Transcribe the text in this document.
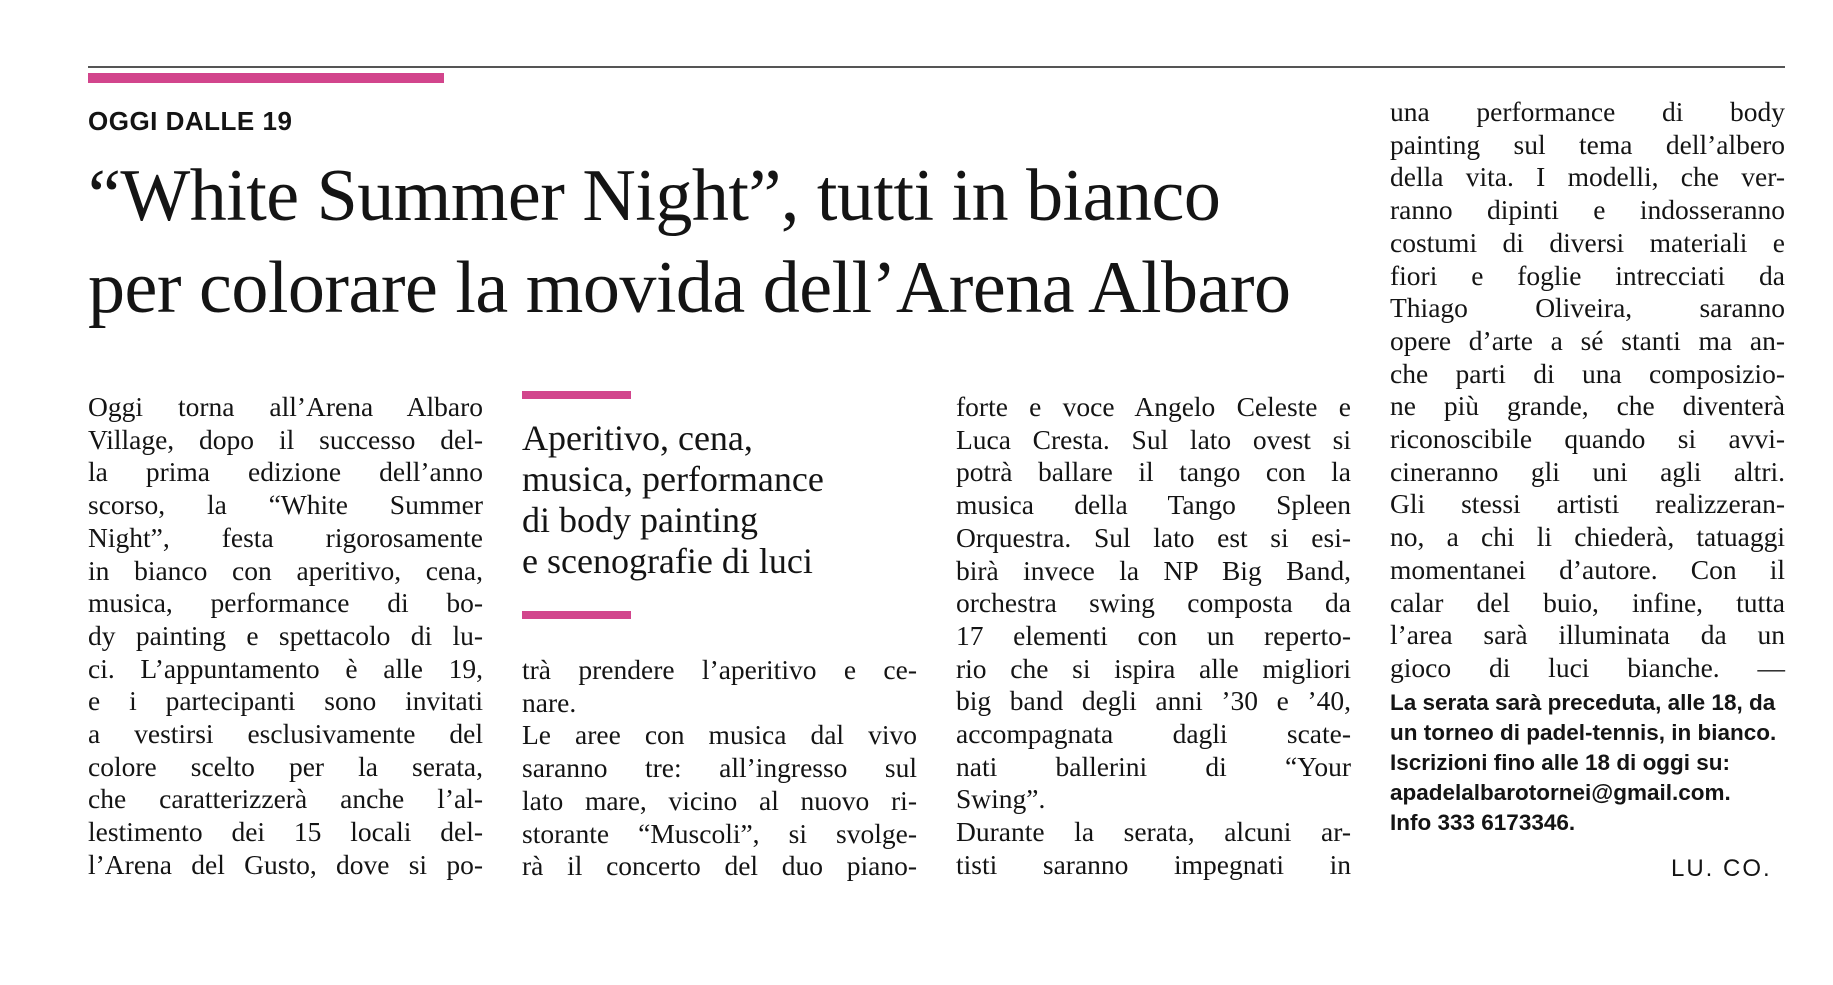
OGGI DALLE 19
“White Summer Night”, tutti in bianco
per colorare la movida dell’Arena Albaro
Oggi torna all’Arena Albaro
Village, dopo il successo del-
la prima edizione dell’anno
scorso, la “White Summer
Night”, festa rigorosamente
in bianco con aperitivo, cena,
musica, performance di bo-
dy painting e spettacolo di lu-
ci. L’appuntamento è alle 19,
e i partecipanti sono invitati
a vestirsi esclusivamente del
colore scelto per la serata,
che caratterizzerà anche l’al-
lestimento dei 15 locali del-
l’Arena del Gusto, dove si po-
Aperitivo, cena,
musica, performance
di body painting
e scenografie di luci
trà prendere l’aperitivo e ce-
nare.
Le aree con musica dal vivo
saranno tre: all’ingresso sul
lato mare, vicino al nuovo ri-
storante “Muscoli”, si svolge-
rà il concerto del duo piano-
forte e voce Angelo Celeste e
Luca Cresta. Sul lato ovest si
potrà ballare il tango con la
musica della Tango Spleen
Orquestra. Sul lato est si esi-
birà invece la NP Big Band,
orchestra swing composta da
17 elementi con un reperto-
rio che si ispira alle migliori
big band degli anni ’30 e ’40,
accompagnata dagli scate-
nati ballerini di “Your
Swing”.
Durante la serata, alcuni ar-
tisti saranno impegnati in
una performance di body
painting sul tema dell’albero
della vita. I modelli, che ver-
ranno dipinti e indosseranno
costumi di diversi materiali e
fiori e foglie intrecciati da
Thiago Oliveira, saranno
opere d’arte a sé stanti ma an-
che parti di una composizio-
ne più grande, che diventerà
riconoscibile quando si avvi-
cineranno gli uni agli altri.
Gli stessi artisti realizzeran-
no, a chi li chiederà, tatuaggi
momentanei d’autore. Con il
calar del buio, infine, tutta
l’area sarà illuminata da un
gioco di luci bianche. —
La serata sarà preceduta, alle 18, da
un torneo di padel-tennis, in bianco.
Iscrizioni fino alle 18 di oggi su:
apadelalbarotornei@gmail.com.
Info 333 6173346.
LU. CO.
